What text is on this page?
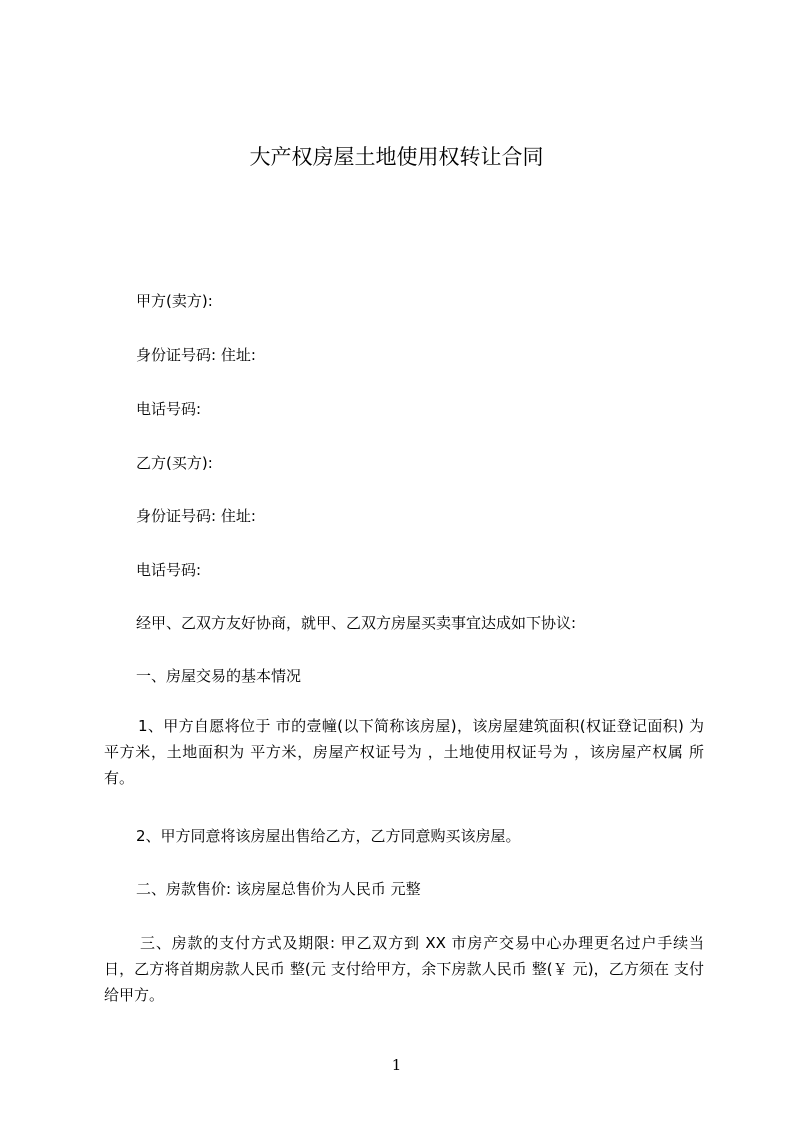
大产权房屋土地使用权转让合同
甲方(卖方):
身份证号码: 住址:
电话号码:
乙方(买方):
身份证号码: 住址:
电话号码:
经甲、乙双方友好协商，就甲、乙双方房屋买卖事宜达成如下协议:
一、房屋交易的基本情况
1、甲方自愿将位于 市的壹幢(以下简称该房屋)，该房屋建筑面积(权证登记面积) 为 平方米，土地面积为 平方米，房屋产权证号为 ，土地使用权证号为 ，该房屋产权属 所有。
2、甲方同意将该房屋出售给乙方，乙方同意购买该房屋。
二、房款售价: 该房屋总售价为人民币 元整
三、房款的支付方式及期限: 甲乙双方到 XX 市房产交易中心办理更名过户手续当日，乙方将首期房款人民币 整(元 支付给甲方，余下房款人民币 整(￥ 元)，乙方须在 支付给甲方。
1
